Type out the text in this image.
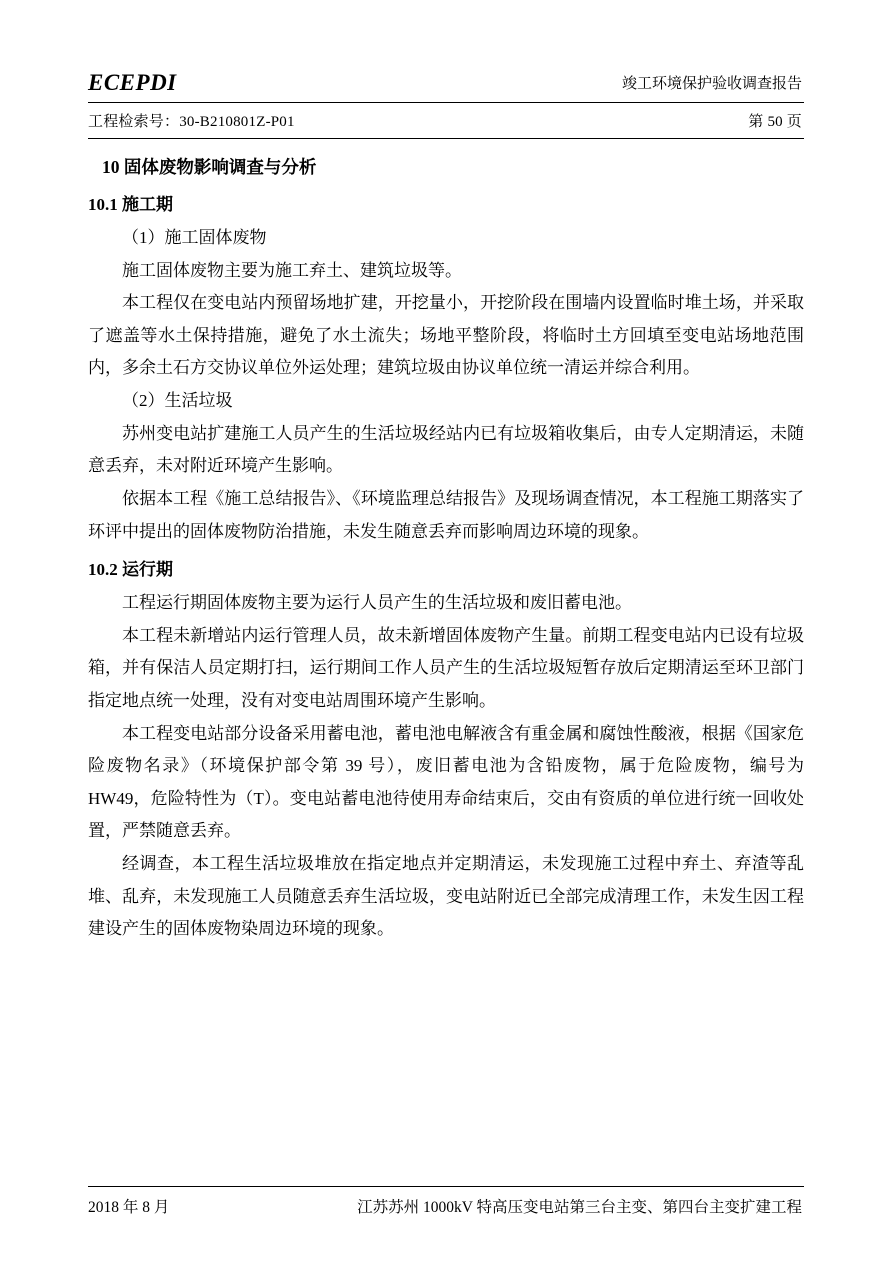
ECEPDI	竣工环境保护验收调查报告
工程检索号：30-B210801Z-P01	第 50 页
10 固体废物影响调查与分析
10.1 施工期

（1）施工固体废物

施工固体废物主要为施工弃土、建筑垃圾等。

本工程仅在变电站内预留场地扩建，开挖量小，开挖阶段在围墙内设置临时堆土场，并采取了遮盖等水土保持措施，避免了水土流失；场地平整阶段，将临时土方回填至变电站场地范围内，多余土石方交协议单位外运处理；建筑垃圾由协议单位统一清运并综合利用。

（2）生活垃圾

苏州变电站扩建施工人员产生的生活垃圾经站内已有垃圾箱收集后，由专人定期清运，未随意丢弃，未对附近环境产生影响。

依据本工程《施工总结报告》、《环境监理总结报告》及现场调查情况，本工程施工期落实了环评中提出的固体废物防治措施，未发生随意丢弃而影响周边环境的现象。

10.2 运行期

工程运行期固体废物主要为运行人员产生的生活垃圾和废旧蓄电池。

本工程未新增站内运行管理人员，故未新增固体废物产生量。前期工程变电站内已设有垃圾箱，并有保洁人员定期打扫，运行期间工作人员产生的生活垃圾短暂存放后定期清运至环卫部门指定地点统一处理，没有对变电站周围环境产生影响。

本工程变电站部分设备采用蓄电池，蓄电池电解液含有重金属和腐蚀性酸液，根据《国家危险废物名录》（环境保护部令第 39 号），废旧蓄电池为含铅废物，属于危险废物，编号为 HW49，危险特性为（T）。变电站蓄电池待使用寿命结束后，交由有资质的单位进行统一回收处置，严禁随意丢弃。

经调查，本工程生活垃圾堆放在指定地点并定期清运，未发现施工过程中弃土、弃渣等乱堆、乱弃，未发现施工人员随意丢弃生活垃圾，变电站附近已全部完成清理工作，未发生因工程建设产生的固体废物染周边环境的现象。

2018 年 8 月	江苏苏州 1000kV 特高压变电站第三台主变、第四台主变扩建工程
